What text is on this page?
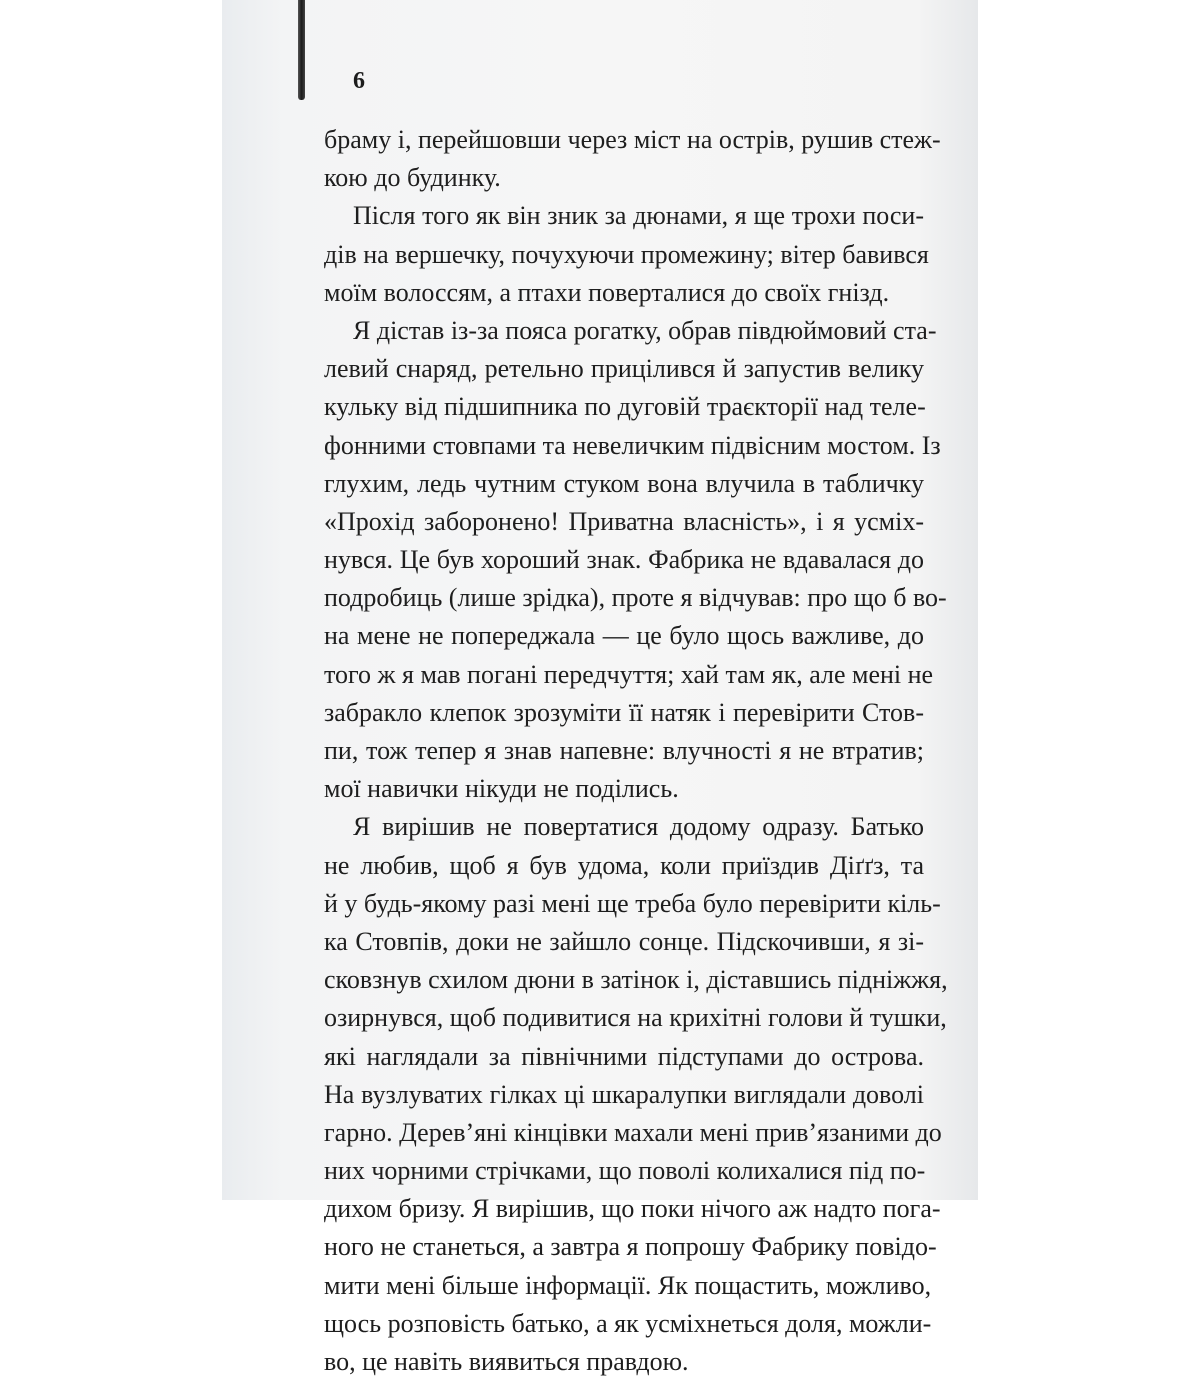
6

браму і, перейшовши через міст на острів, рушив стеж-
кою до будинку.
Після того як він зник за дюнами, я ще трохи поси-
дів на вершечку, почухуючи промежину; вітер бавився
моїм волоссям, а птахи поверталися до своїх гнізд.
Я дістав із-за пояса рогатку, обрав півдюймовий ста-
левий снаряд, ретельно прицілився й запустив велику
кульку від підшипника по дуговій траєкторії над теле-
фонними стовпами та невеличким підвісним мостом. Із
глухим, ледь чутним стуком вона влучила в табличку
«Прохід заборонено! Приватна власність», і я усміх-
нувся. Це був хороший знак. Фабрика не вдавалася до
подробиць (лише зрідка), проте я відчував: про що б во-
на мене не попереджала — це було щось важливе, до
того ж я мав погані передчуття; хай там як, але мені не
забракло клепок зрозуміти її натяк і перевірити Стов-
пи, тож тепер я знав напевне: влучності я не втратив;
мої навички нікуди не поділись.
Я вирішив не повертатися додому одразу. Батько
не любив, щоб я був удома, коли приїздив Діґґз, та
й у будь-якому разі мені ще треба було перевірити кіль-
ка Стовпів, доки не зайшло сонце. Підскочивши, я зі-
сковзнув схилом дюни в затінок і, діставшись підніжжя,
озирнувся, щоб подивитися на крихітні голови й тушки,
які наглядали за північними підступами до острова.
На вузлуватих гілках ці шкаралупки виглядали доволі
гарно. Дерев’яні кінцівки махали мені прив’язаними до
них чорними стрічками, що поволі колихалися під по-
дихом бризу. Я вирішив, що поки нічого аж надто пога-
ного не станеться, а завтра я попрошу Фабрику повідо-
мити мені більше інформації. Як пощастить, можливо,
щось розповість батько, а як усміхнеться доля, можли-
во, це навіть виявиться правдою.
